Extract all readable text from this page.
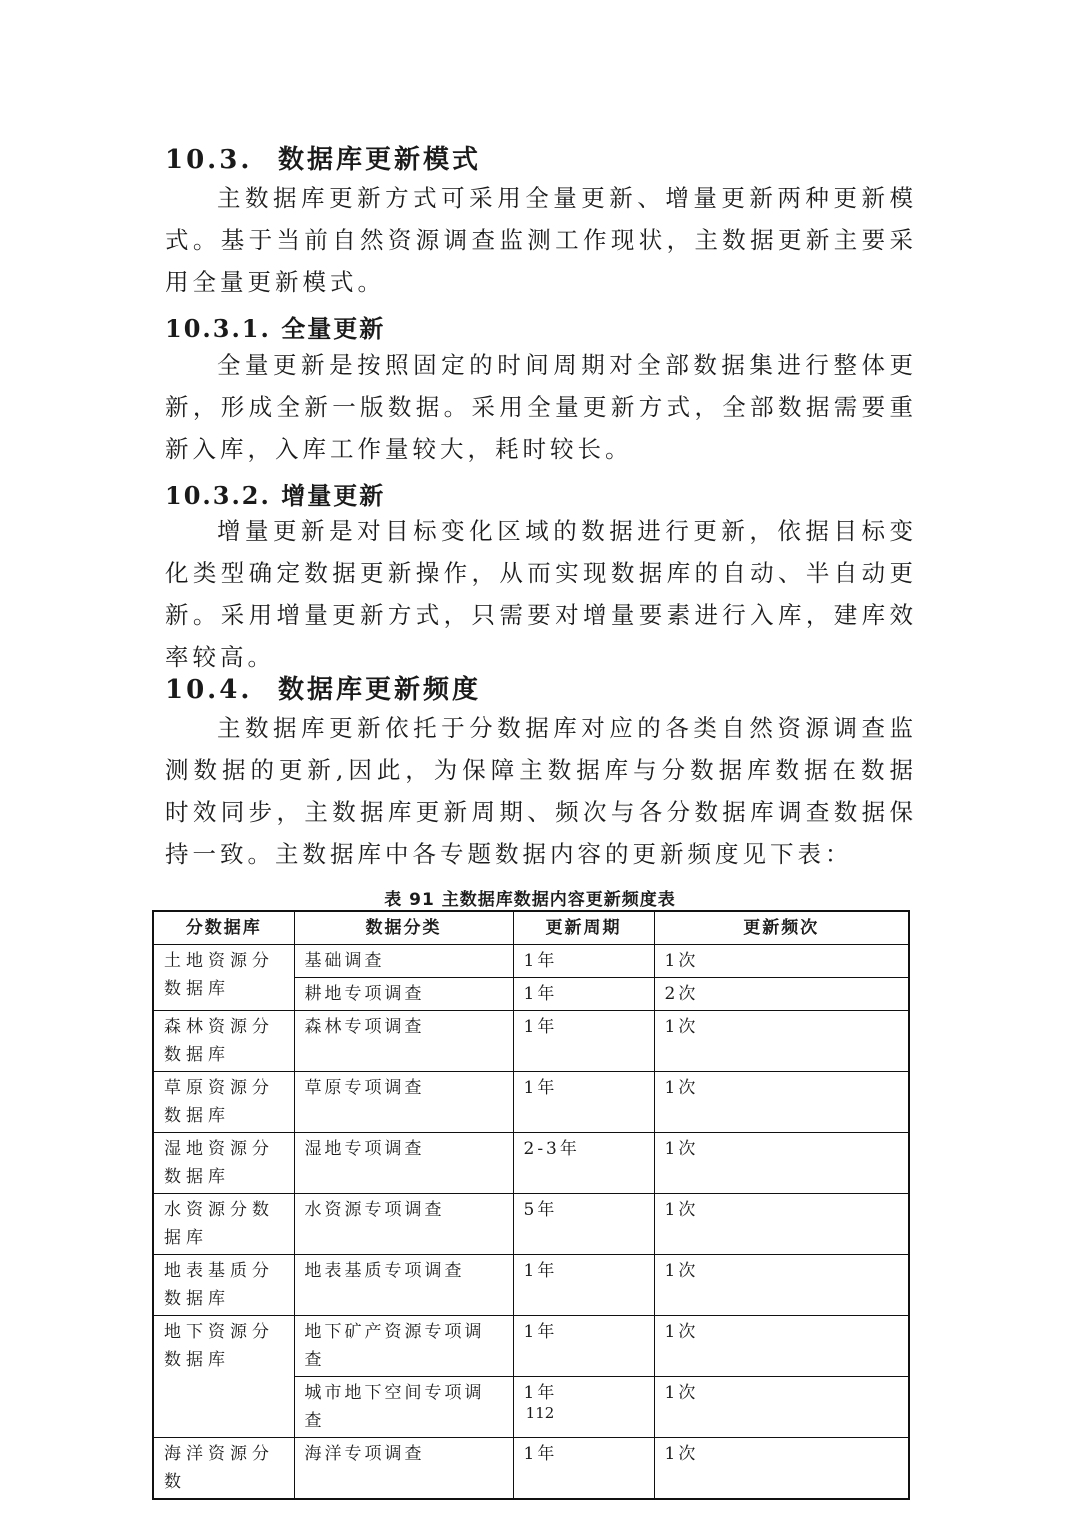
10.3. 数据库更新模式

主数据库更新方式可采用全量更新、增量更新两种更新模式。基于当前自然资源调查监测工作现状，主数据更新主要采用全量更新模式。

10.3.1. 全量更新

全量更新是按照固定的时间周期对全部数据集进行整体更新，形成全新一版数据。采用全量更新方式，全部数据需要重新入库，入库工作量较大，耗时较长。

10.3.2. 增量更新

增量更新是对目标变化区域的数据进行更新，依据目标变化类型确定数据更新操作，从而实现数据库的自动、半自动更新。采用增量更新方式，只需要对增量要素进行入库，建库效率较高。

10.4. 数据库更新频度

主数据库更新依托于分数据库对应的各类自然资源调查监测数据的更新,因此，为保障主数据库与分数据库数据在数据时效同步，主数据库更新周期、频次与各分数据库调查数据保持一致。主数据库中各专题数据内容的更新频度见下表：

表 91 主数据库数据内容更新频度表
分数据库	数据分类	更新周期	更新频次
土地资源分数据库	基础调查	1年	1次
	耕地专项调查	1年	2次
森林资源分数据库	森林专项调查	1年	1次
草原资源分数据库	草原专项调查	1年	1次
湿地资源分数据库	湿地专项调查	2-3年	1次
水资源分数据库	水资源专项调查	5年	1次
地表基质分数据库	地表基质专项调查	1年	1次
地下资源分数据库	地下矿产资源专项调查	1年	1次
	城市地下空间专项调查	1年	1次
海洋资源分数	海洋专项调查	1年	1次
112
